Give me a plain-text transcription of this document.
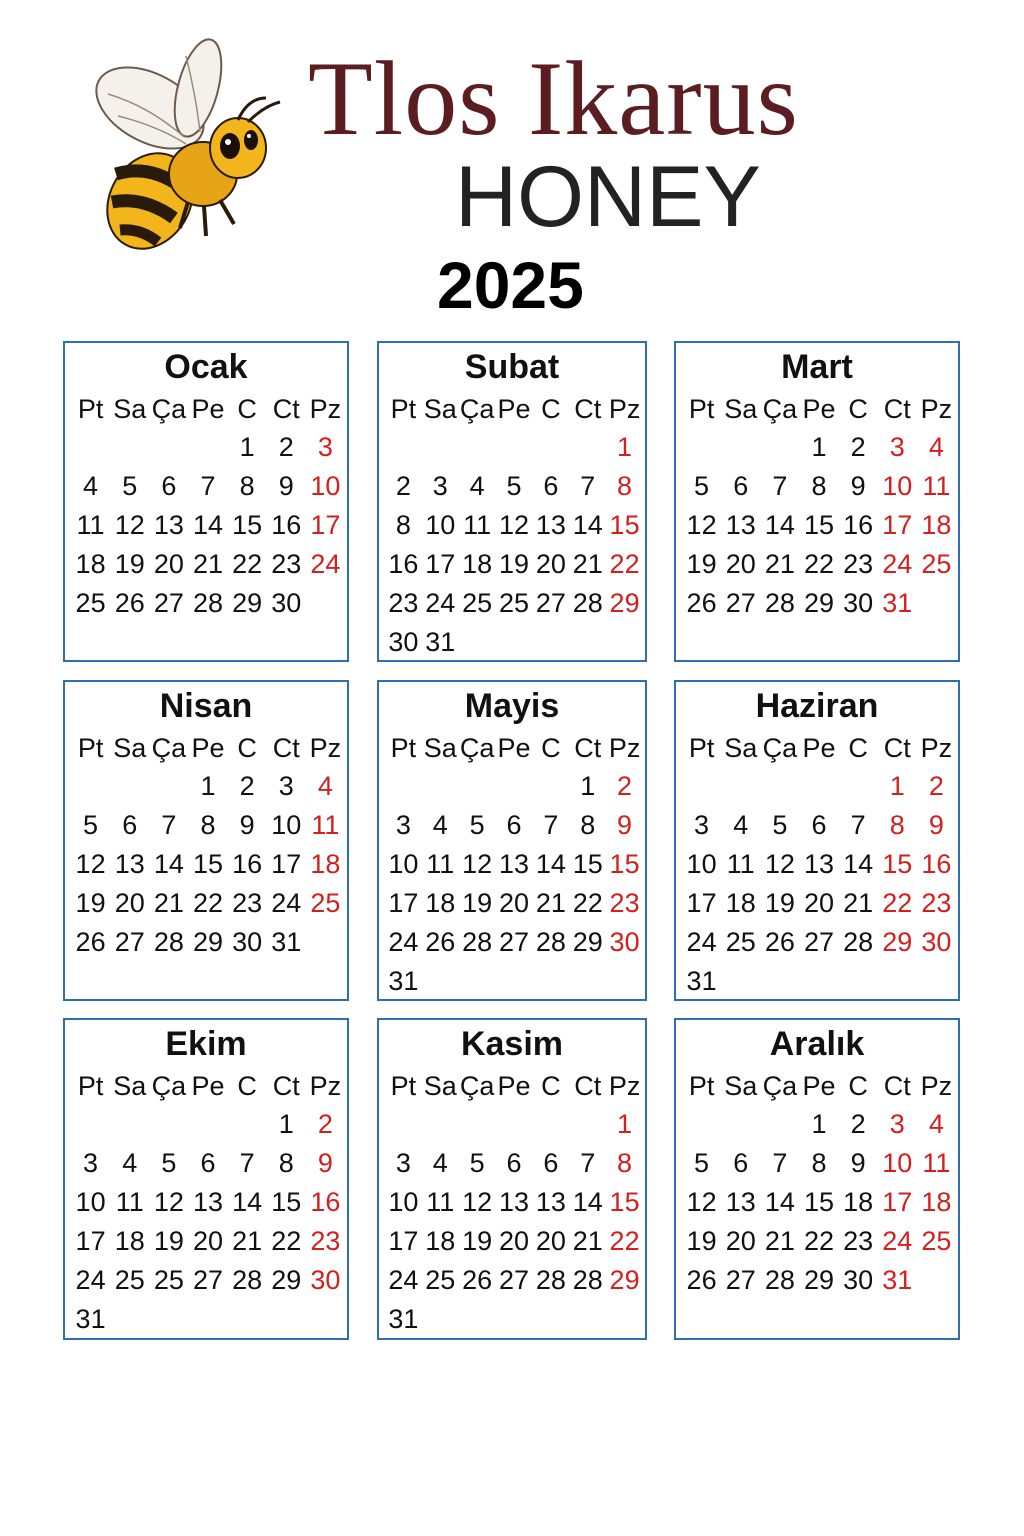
Tlos Ikarus
HONEY
2025
Ocak
Pt Sa Ça Pe C Ct Pz
1 2 3
4 5 6 7 8 9 10
11 12 13 14 15 16 17
18 19 20 21 22 23 24
25 26 27 28 29 30
Subat
Pt Sa Ça Pe C Ct Pz
1
2 3 4 5 6 7 8
8 10 11 12 13 14 15
16 17 18 19 20 21 22
23 24 25 25 27 28 29
30 31
Mart
Pt Sa Ça Pe C Ct Pz
1 2 3 4
5 6 7 8 9 10 11
12 13 14 15 16 17 18
19 20 21 22 23 24 25
26 27 28 29 30 31
Nisan
Pt Sa Ça Pe C Ct Pz
1 2 3 4
5 6 7 8 9 10 11
12 13 14 15 16 17 18
19 20 21 22 23 24 25
26 27 28 29 30 31
Mayis
Pt Sa Ça Pe C Ct Pz
1 2
3 4 5 6 7 8 9
10 11 12 13 14 15 15
17 18 19 20 21 22 23
24 26 28 27 28 29 30
31
Haziran
Pt Sa Ça Pe C Ct Pz
1 2
3 4 5 6 7 8 9
10 11 12 13 14 15 16
17 18 19 20 21 22 23
24 25 26 27 28 29 30
31
Ekim
Pt Sa Ça Pe C Ct Pz
1 2
3 4 5 6 7 8 9
10 11 12 13 14 15 16
17 18 19 20 21 22 23
24 25 25 27 28 29 30
31
Kasim
Pt Sa Ça Pe C Ct Pz
1
3 4 5 6 6 7 8
10 11 12 13 13 14 15
17 18 19 20 20 21 22
24 25 26 27 28 28 29
31
Aralık
Pt Sa Ça Pe C Ct Pz
1 2 3 4
5 6 7 8 9 10 11
12 13 14 15 18 17 18
19 20 21 22 23 24 25
26 27 28 29 30 31
